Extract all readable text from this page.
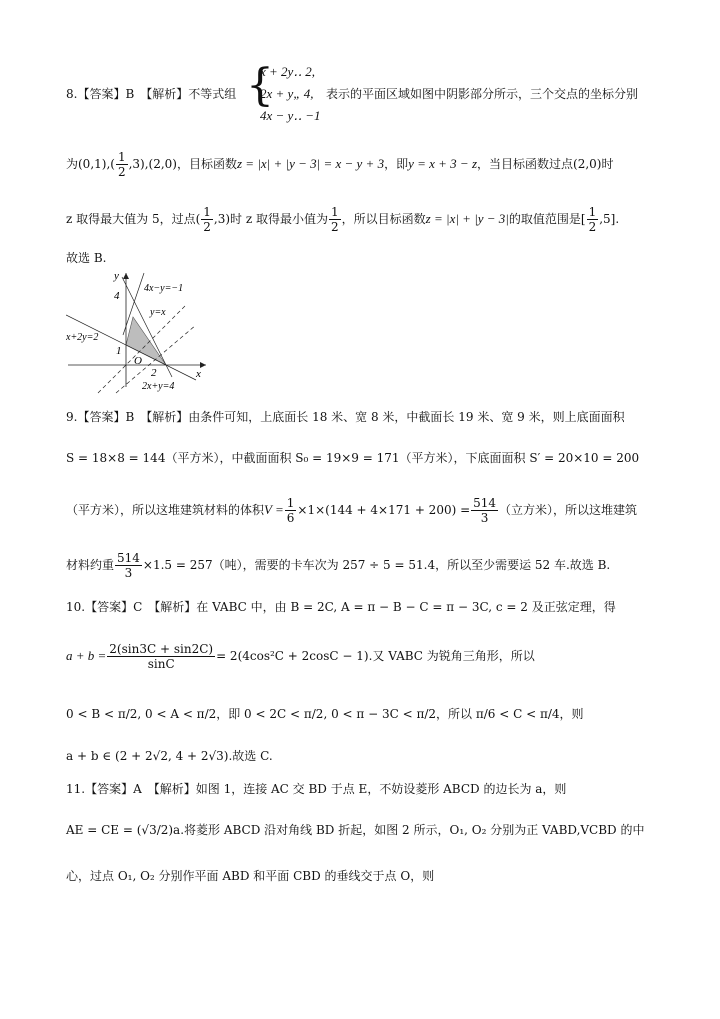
{
x + 2y‥ 2,
2x + y„ 4,
4x − y‥ −1
8.【答案】B　【解析】不等式组	表示的平面区域如图中阴影部分所示，三个交点的坐标分别
为$(0,1),( \frac{1}{2} ,3),(2,0)$，目标函数z = |x| + |y − 3| = x − y + 3，即y = x + 3 − z，当目标函数过点(2,0)时
z 取得最大值为 5，过点( $\frac{1}{2} ,3$)时 z 取得最小值为 $\frac{1}{2}$ ，所以目标函数z = |x| + |y − 3|的取值范围是[ $\frac{1}{2} ,5$].
故选 B.
y
x
O
4
1
2
4x−y=−1
y=x
x+2y=2
2x+y=4
9.【答案】B　【解析】由条件可知，上底面长 18 米、宽 8 米，中截面长 19 米、宽 9 米，则上底面面积
S = 18×8 = 144（平方米），中截面面积 S₀ = 19×9 = 171（平方米），下底面面积 S′ = 20×10 = 200
（平方米），所以这堆建筑材料的体积$V = \frac{1}{6} \times 1\times(144 + 4\times 171 + 200) = \frac{514}{3}$ （立方米），所以这堆建筑
材料约重 $\frac{514}{3} \times 1.5 = 257$（吨），需要的卡车次为 257 ÷ 5 = 51.4，所以至少需要运 52 车.故选 B.
10.【答案】C　【解析】在 VABC 中，由 B = 2C, A = π − B − C = π − 3C, c = 2 及正弦定理，得
$a + b = \frac{2(\sin 3C + \sin 2C)}{\sin C} = 2(4\cos^2C + 2\cos C - 1)$.又 VABC 为锐角三角形，所以
0 < B < π/2, 0 < A < π/2，即 0 < 2C < π/2, 0 < π − 3C < π/2，所以 π/6 < C < π/4，则
a + b ∈ (2 + 2√2, 4 + 2√3).故选 C.
11.【答案】A　【解析】如图 1，连接 AC 交 BD 于点 E，不妨设菱形 ABCD 的边长为 a，则
AE = CE = (√3/2)a.将菱形 ABCD 沿对角线 BD 折起，如图 2 所示，O₁, O₂ 分别为正 VABD,VCBD 的中
心，过点 O₁, O₂ 分别作平面 ABD 和平面 CBD 的垂线交于点 O，则
